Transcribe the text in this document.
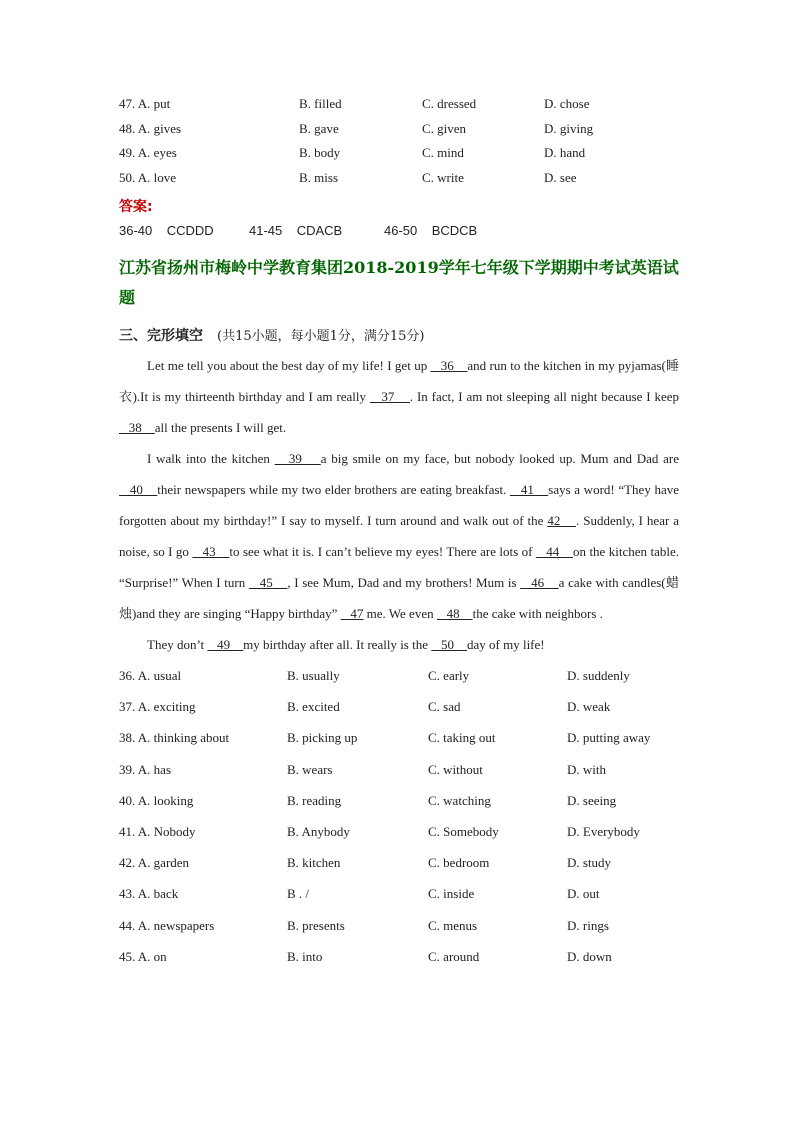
47. A. put	B. filled	C. dressed	D. chose
48. A. gives	B. gave	C. given	D. giving
49. A. eyes	B. body	C. mind	D. hand
50. A. love	B. miss	C. write	D. see
答案:
36-40    CCDDD	41-45    CDACB	46-50    BCDCB
江苏省扬州市梅岭中学教育集团2018-2019学年七年级下学期期中考试英语试题
三、完形填空 (共15小题，每小题1分，满分15分)

Let me tell you about the best day of my life! I get up    36    and run to the kitchen in my pyjamas(睡衣).It is my thirteenth birthday and I am really    37    . In fact, I am not sleeping all night because I keep    38    all the presents I will get.

I walk into the kitchen    39    a big smile on my face, but nobody looked up. Mum and Dad are    40    their newspapers while my two elder brothers are eating breakfast.    41    says a word! “They have forgotten about my birthday!” I say to myself. I turn around and walk out of the 42    . Suddenly, I hear a noise, so I go    43    to see what it is. I can’t believe my eyes! There are lots of    44    on the kitchen table. “Surprise!” When I turn    45    , I see Mum, Dad and my brothers! Mum is    46    a cake with candles(蜡烛)and they are singing “Happy birthday”    47 me. We even    48    the cake with neighbors .

They don’t    49    my birthday after all. It really is the    50    day of my life!

36. A. usual	B. usually	C. early	D. suddenly
37. A. exciting	B. excited	C. sad	D. weak
38. A. thinking about	B. picking up	C. taking out	D. putting away
39. A. has	B. wears	C. without	D. with
40. A. looking	B. reading	C. watching	D. seeing
41. A. Nobody	B. Anybody	C. Somebody	D. Everybody
42. A. garden	B. kitchen	C. bedroom	D. study
43. A. back	B . /	C. inside	D. out
44. A. newspapers	B. presents	C. menus	D. rings
45. A. on	B. into	C. around	D. down
